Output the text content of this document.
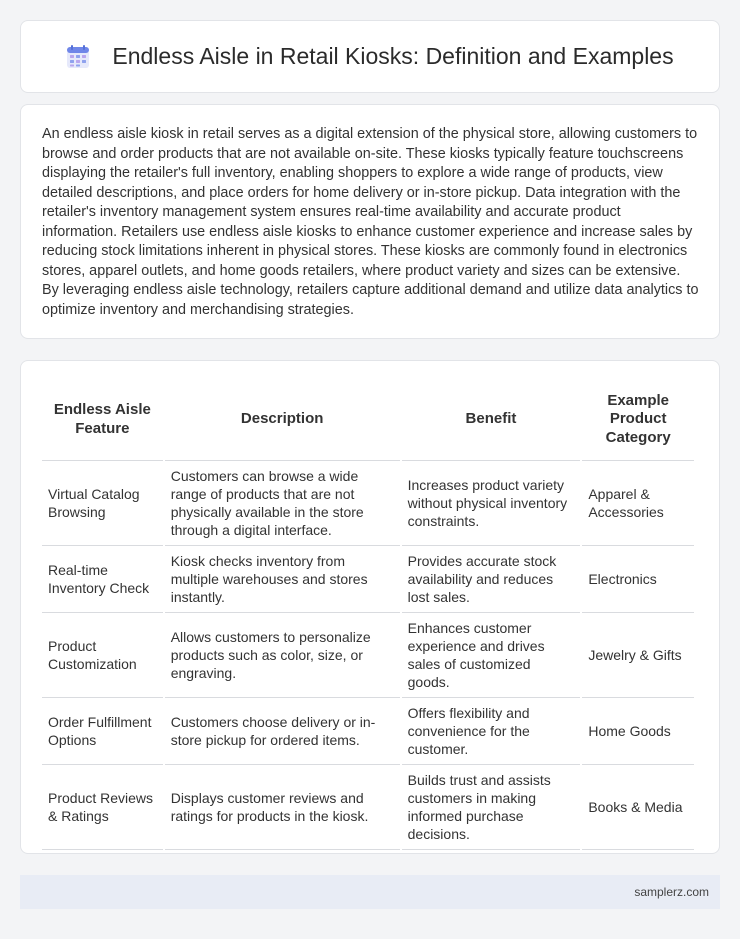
Endless Aisle in Retail Kiosks: Definition and Examples

An endless aisle kiosk in retail serves as a digital extension of the physical store, allowing customers to browse and order products that are not available on-site. These kiosks typically feature touchscreens displaying the retailer's full inventory, enabling shoppers to explore a wide range of products, view detailed descriptions, and place orders for home delivery or in-store pickup. Data integration with the retailer's inventory management system ensures real-time availability and accurate product information. Retailers use endless aisle kiosks to enhance customer experience and increase sales by reducing stock limitations inherent in physical stores. These kiosks are commonly found in electronics stores, apparel outlets, and home goods retailers, where product variety and sizes can be extensive. By leveraging endless aisle technology, retailers capture additional demand and utilize data analytics to optimize inventory and merchandising strategies.

Endless Aisle Feature	Description	Benefit	Example Product Category
Virtual Catalog Browsing	Customers can browse a wide range of products that are not physically available in the store through a digital interface.	Increases product variety without physical inventory constraints.	Apparel & Accessories
Real-time Inventory Check	Kiosk checks inventory from multiple warehouses and stores instantly.	Provides accurate stock availability and reduces lost sales.	Electronics
Product Customization	Allows customers to personalize products such as color, size, or engraving.	Enhances customer experience and drives sales of customized goods.	Jewelry & Gifts
Order Fulfillment Options	Customers choose delivery or in-store pickup for ordered items.	Offers flexibility and convenience for the customer.	Home Goods
Product Reviews & Ratings	Displays customer reviews and ratings for products in the kiosk.	Builds trust and assists customers in making informed purchase decisions.	Books & Media
samplerz.com
